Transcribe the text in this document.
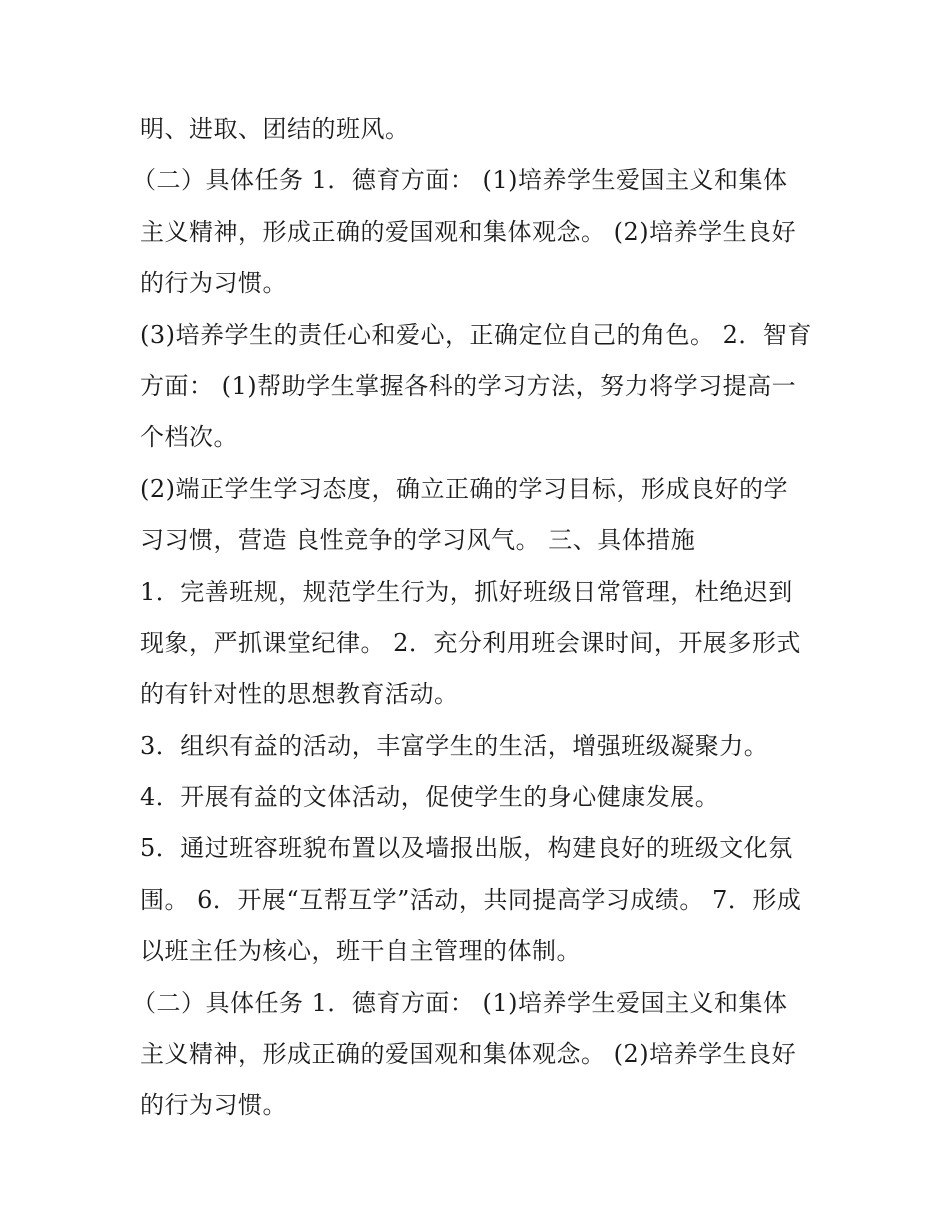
明、进取、团结的班风。
（二）具体任务 1．德育方面： (1)培养学生爱国主义和集体
主义精神，形成正确的爱国观和集体观念。 (2)培养学生良好
的行为习惯。
(3)培养学生的责任心和爱心，正确定位自己的角色。 2．智育
方面： (1)帮助学生掌握各科的学习方法，努力将学习提高一
个档次。
(2)端正学生学习态度，确立正确的学习目标，形成良好的学
习习惯，营造 良性竞争的学习风气。 三、具体措施
1．完善班规，规范学生行为，抓好班级日常管理，杜绝迟到
现象，严抓课堂纪律。 2．充分利用班会课时间，开展多形式
的有针对性的思想教育活动。
3．组织有益的活动，丰富学生的生活，增强班级凝聚力。
4．开展有益的文体活动，促使学生的身心健康发展。
5．通过班容班貌布置以及墙报出版，构建良好的班级文化氛
围。 6．开展“互帮互学”活动，共同提高学习成绩。 7．形成
以班主任为核心，班干自主管理的体制。
（二）具体任务 1．德育方面： (1)培养学生爱国主义和集体
主义精神，形成正确的爱国观和集体观念。 (2)培养学生良好
的行为习惯。
